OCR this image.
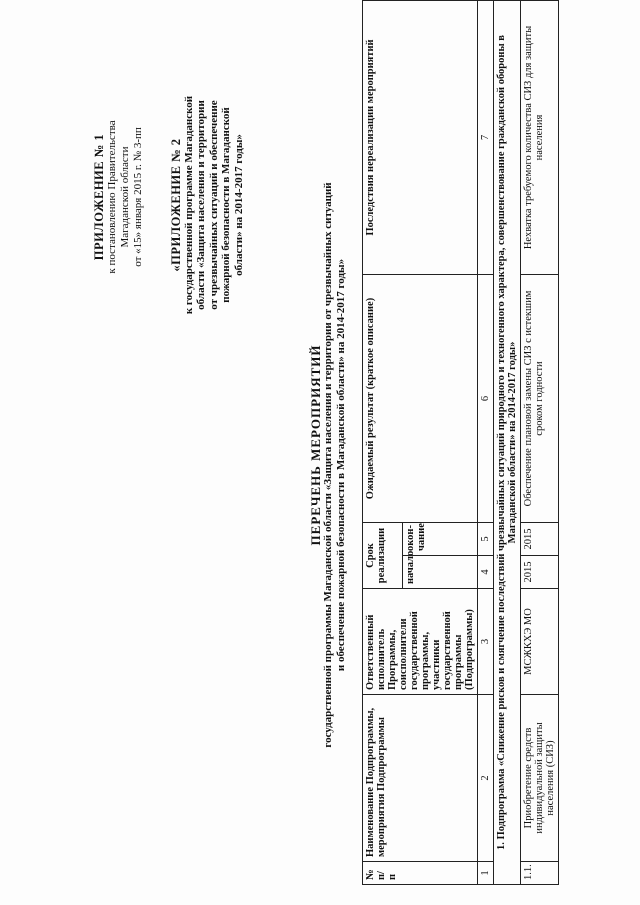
ПРИЛОЖЕНИЕ № 1 к постановлению Правительства Магаданской области от «15» января 2015 г. № 3-пп «ПРИЛОЖЕНИЕ № 2 к государственной программе Магаданской области «Защита населения и территории от чрезвычайных ситуаций и обеспечение пожарной безопасности в Магаданской области» на 2014-2017 годы»
ПЕРЕЧЕНЬ МЕРОПРИЯТИЙ государственной программы Магаданской области «Защита населения и территории от чрезвычайных ситуаций и обеспечение пожарной безопасности в Магаданской области» на 2014-2017 годы»
№ п/п	Наименование Подпрограммы, мероприятия Подпрограммы	Ответственный исполнитель Программы, соисполнители государственной программы, участники государственной программы (Подпрограммы)	Срок реализации		Ожидаемый результат (краткое описание)	Последствия нереализации мероприятий
			начало	окон-чание		
1	2	3	4	5	6	7
1. Подпрограмма «Снижение рисков и смягчение последствий чрезвычайных ситуаций природного и техногенного характера, совершенствование гражданской обороны в Магаданской области» на 2014-2017 годы»						
1.1.	Приобретение средств индивидуальной защиты населения (СИЗ)	МСЖКХЭ МО	2015	2015	Обеспечение плановой замены СИЗ с истекшим сроком годности	Нехватка требуемого количества СИЗ для защиты населения
